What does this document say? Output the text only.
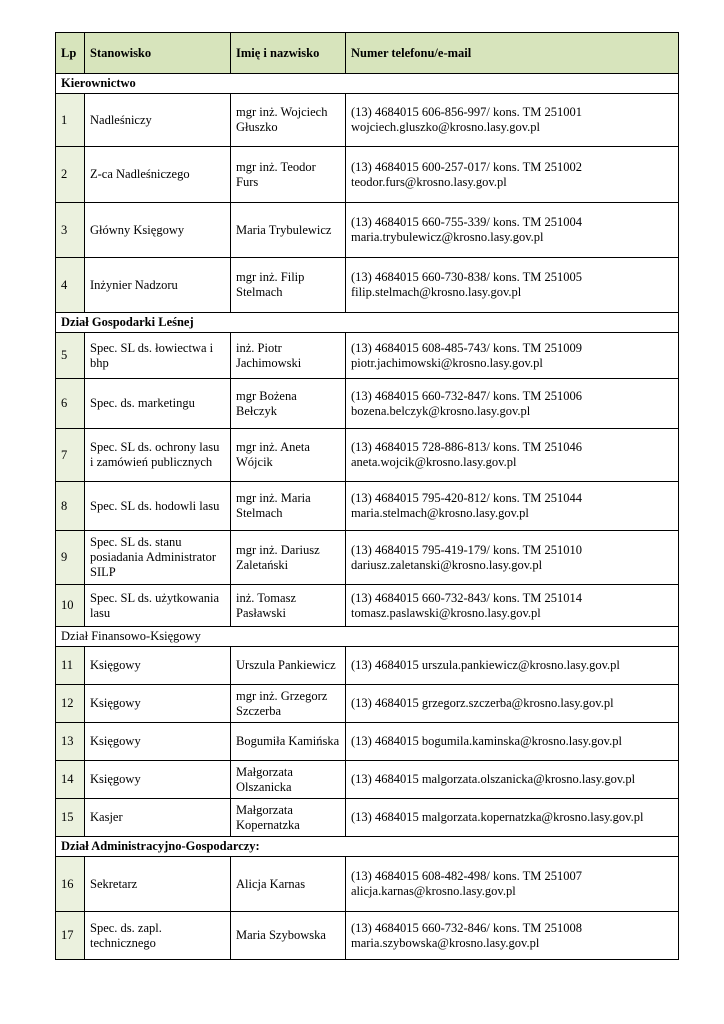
Lp	Stanowisko	Imię i nazwisko	Numer telefonu/e-mail
Kierownictwo			
1	Nadleśniczy	mgr inż. Wojciech Głuszko	(13) 4684015 606-856-997/ kons. TM 251001
wojciech.gluszko@krosno.lasy.gov.pl

2	Z-ca Nadleśniczego	mgr inż. Teodor Furs	(13) 4684015 600-257-017/ kons. TM 251002
teodor.furs@krosno.lasy.gov.pl

3	Główny Księgowy	Maria Trybulewicz	(13) 4684015 660-755-339/ kons. TM 251004
maria.trybulewicz@krosno.lasy.gov.pl

4	Inżynier Nadzoru	mgr inż. Filip Stelmach	(13) 4684015 660-730-838/ kons. TM 251005
filip.stelmach@krosno.lasy.gov.pl

Dział Gospodarki Leśnej			
5	Spec. SL ds. łowiectwa i bhp	inż. Piotr Jachimowski	(13) 4684015 608-485-743/ kons. TM 251009
piotr.jachimowski@krosno.lasy.gov.pl

6	Spec. ds. marketingu	mgr Bożena Bełczyk	(13) 4684015 660-732-847/ kons. TM 251006
bozena.belczyk@krosno.lasy.gov.pl

7	Spec. SL ds. ochrony lasu i zamówień publicznych	mgr inż. Aneta Wójcik	(13) 4684015 728-886-813/ kons. TM 251046
aneta.wojcik@krosno.lasy.gov.pl

8	Spec. SL ds. hodowli lasu	mgr inż. Maria Stelmach	(13) 4684015 795-420-812/ kons. TM 251044
maria.stelmach@krosno.lasy.gov.pl

9	Spec. SL ds. stanu posiadania Administrator SILP	mgr inż. Dariusz Zaletański	(13) 4684015 795-419-179/ kons. TM 251010
dariusz.zaletanski@krosno.lasy.gov.pl

10	Spec. SL ds. użytkowania lasu	inż. Tomasz Pasławski	(13) 4684015 660-732-843/ kons. TM 251014
tomasz.paslawski@krosno.lasy.gov.pl

Dział Finansowo-Księgowy			
11	Księgowy	Urszula Pankiewicz	(13) 4684015 urszula.pankiewicz@krosno.lasy.gov.pl
12	Księgowy	mgr inż. Grzegorz Szczerba	(13) 4684015 grzegorz.szczerba@krosno.lasy.gov.pl
13	Księgowy	Bogumiła Kamińska	(13) 4684015 bogumila.kaminska@krosno.lasy.gov.pl
14	Księgowy	Małgorzata Olszanicka	(13) 4684015 malgorzata.olszanicka@krosno.lasy.gov.pl
15	Kasjer	Małgorzata Kopernatzka	(13) 4684015 malgorzata.kopernatzka@krosno.lasy.gov.pl
Dział Administracyjno-Gospodarczy:			
16	Sekretarz	Alicja Karnas	(13) 4684015 608-482-498/ kons. TM 251007
alicja.karnas@krosno.lasy.gov.pl

17	Spec. ds. zapl. technicznego	Maria Szybowska	(13) 4684015 660-732-846/ kons. TM 251008
maria.szybowska@krosno.lasy.gov.pl
